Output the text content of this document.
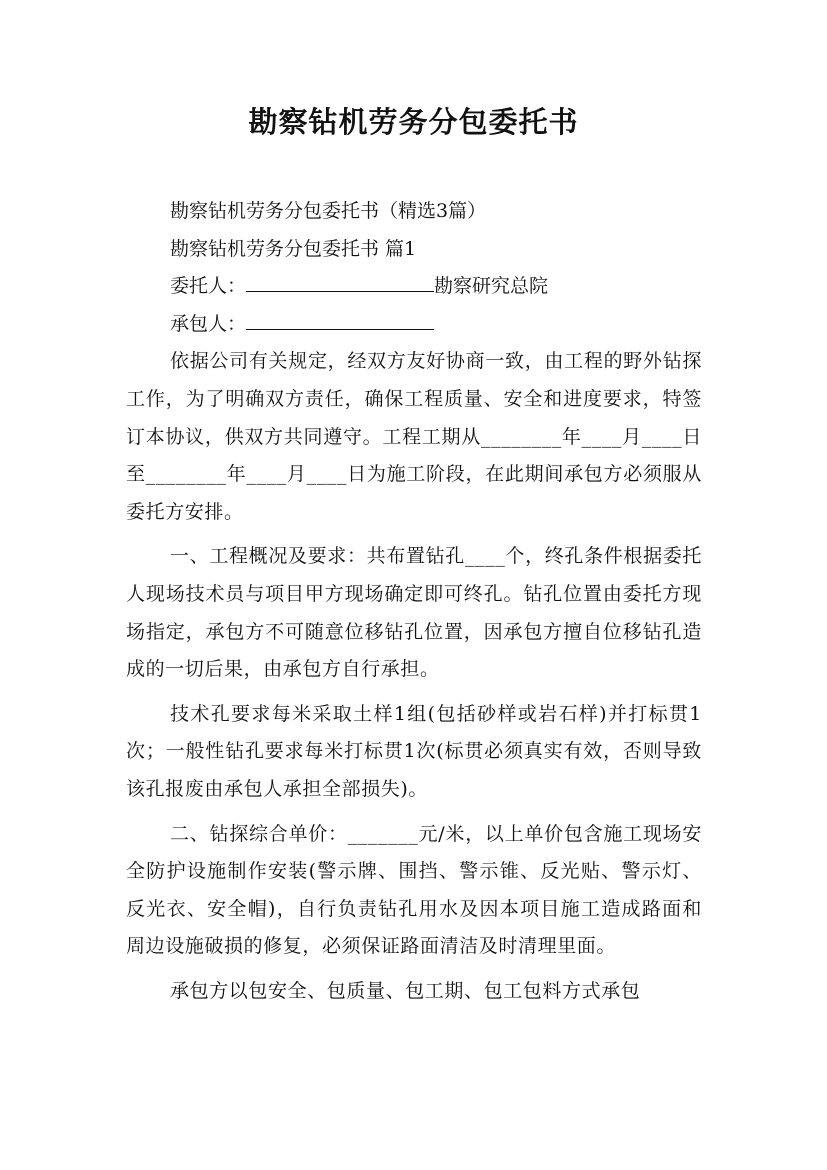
勘察钻机劳务分包委托书
勘察钻机劳务分包委托书（精选3篇）
勘察钻机劳务分包委托书 篇1
委托人：	勘察研究总院
承包人：

依据公司有关规定，经双方友好协商一致，由工程的野外钻探工作，为了明确双方责任，确保工程质量、安全和进度要求，特签订本协议，供双方共同遵守。工程工期从________年____月____日至________年____月____日为施工阶段，在此期间承包方必须服从委托方安排。

一、工程概况及要求：共布置钻孔____个，终孔条件根据委托人现场技术员与项目甲方现场确定即可终孔。钻孔位置由委托方现场指定，承包方不可随意位移钻孔位置，因承包方擅自位移钻孔造成的一切后果，由承包方自行承担。

技术孔要求每米采取土样1组(包括砂样或岩石样)并打标贯1次；一般性钻孔要求每米打标贯1次(标贯必须真实有效，否则导致该孔报废由承包人承担全部损失)。

二、钻探综合单价：_______元/米，以上单价包含施工现场安全防护设施制作安装(警示牌、围挡、警示锥、反光贴、警示灯、反光衣、安全帽)，自行负责钻孔用水及因本项目施工造成路面和周边设施破损的修复，必须保证路面清洁及时清理里面。

承包方以包安全、包质量、包工期、包工包料方式承包
